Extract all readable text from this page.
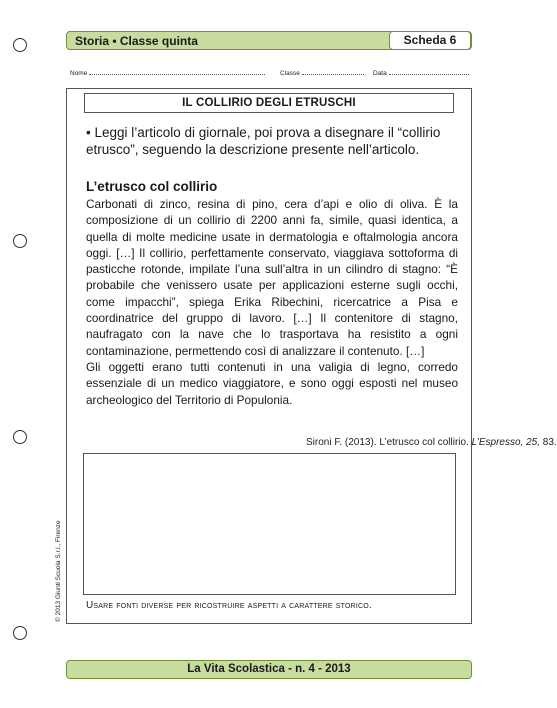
Storia • Classe quinta	Scheda 6
Nome	Classe	Data
IL COLLIRIO DEGLI ETRUSCHI
• Leggi l’articolo di giornale, poi prova a disegnare il “collirio etrusco”, seguendo la descrizione presente nell’articolo.
L’etrusco col collirio

Carbonati di zinco, resina di pino, cera d’api e olio di oliva. È la composizione di un collirio di 2200 anni fa, simile, quasi identica, a quella di molte medicine usate in dermatologia e oftalmologia ancora oggi. […] Il collirio, perfettamente conservato, viaggiava sottoforma di pasticche rotonde, impilate l’una sull’altra in un cilindro di stagno: “È probabile che venissero usate per applicazioni esterne sugli occhi, come impacchi”, spiega Erika Ribechini, ricercatrice a Pisa e coordinatrice del gruppo di lavoro. […] Il contenitore di stagno, naufragato con la nave che lo trasportava ha resistito a ogni contaminazione, permettendo così di analizzare il contenuto. […]

Gli oggetti erano tutti contenuti in una valigia di legno, corredo essenziale di un medico viaggiatore, e sono oggi esposti nel museo archeologico del Territorio di Populonia.

Sironi F. (2013). L’etrusco col collirio. L’Espresso, 25, 83.
Usare fonti diverse per ricostruire aspetti a carattere storico.
La Vita Scolastica - n. 4 - 2013
© 2013 Giunti Scuola S.r.l., Firenze
